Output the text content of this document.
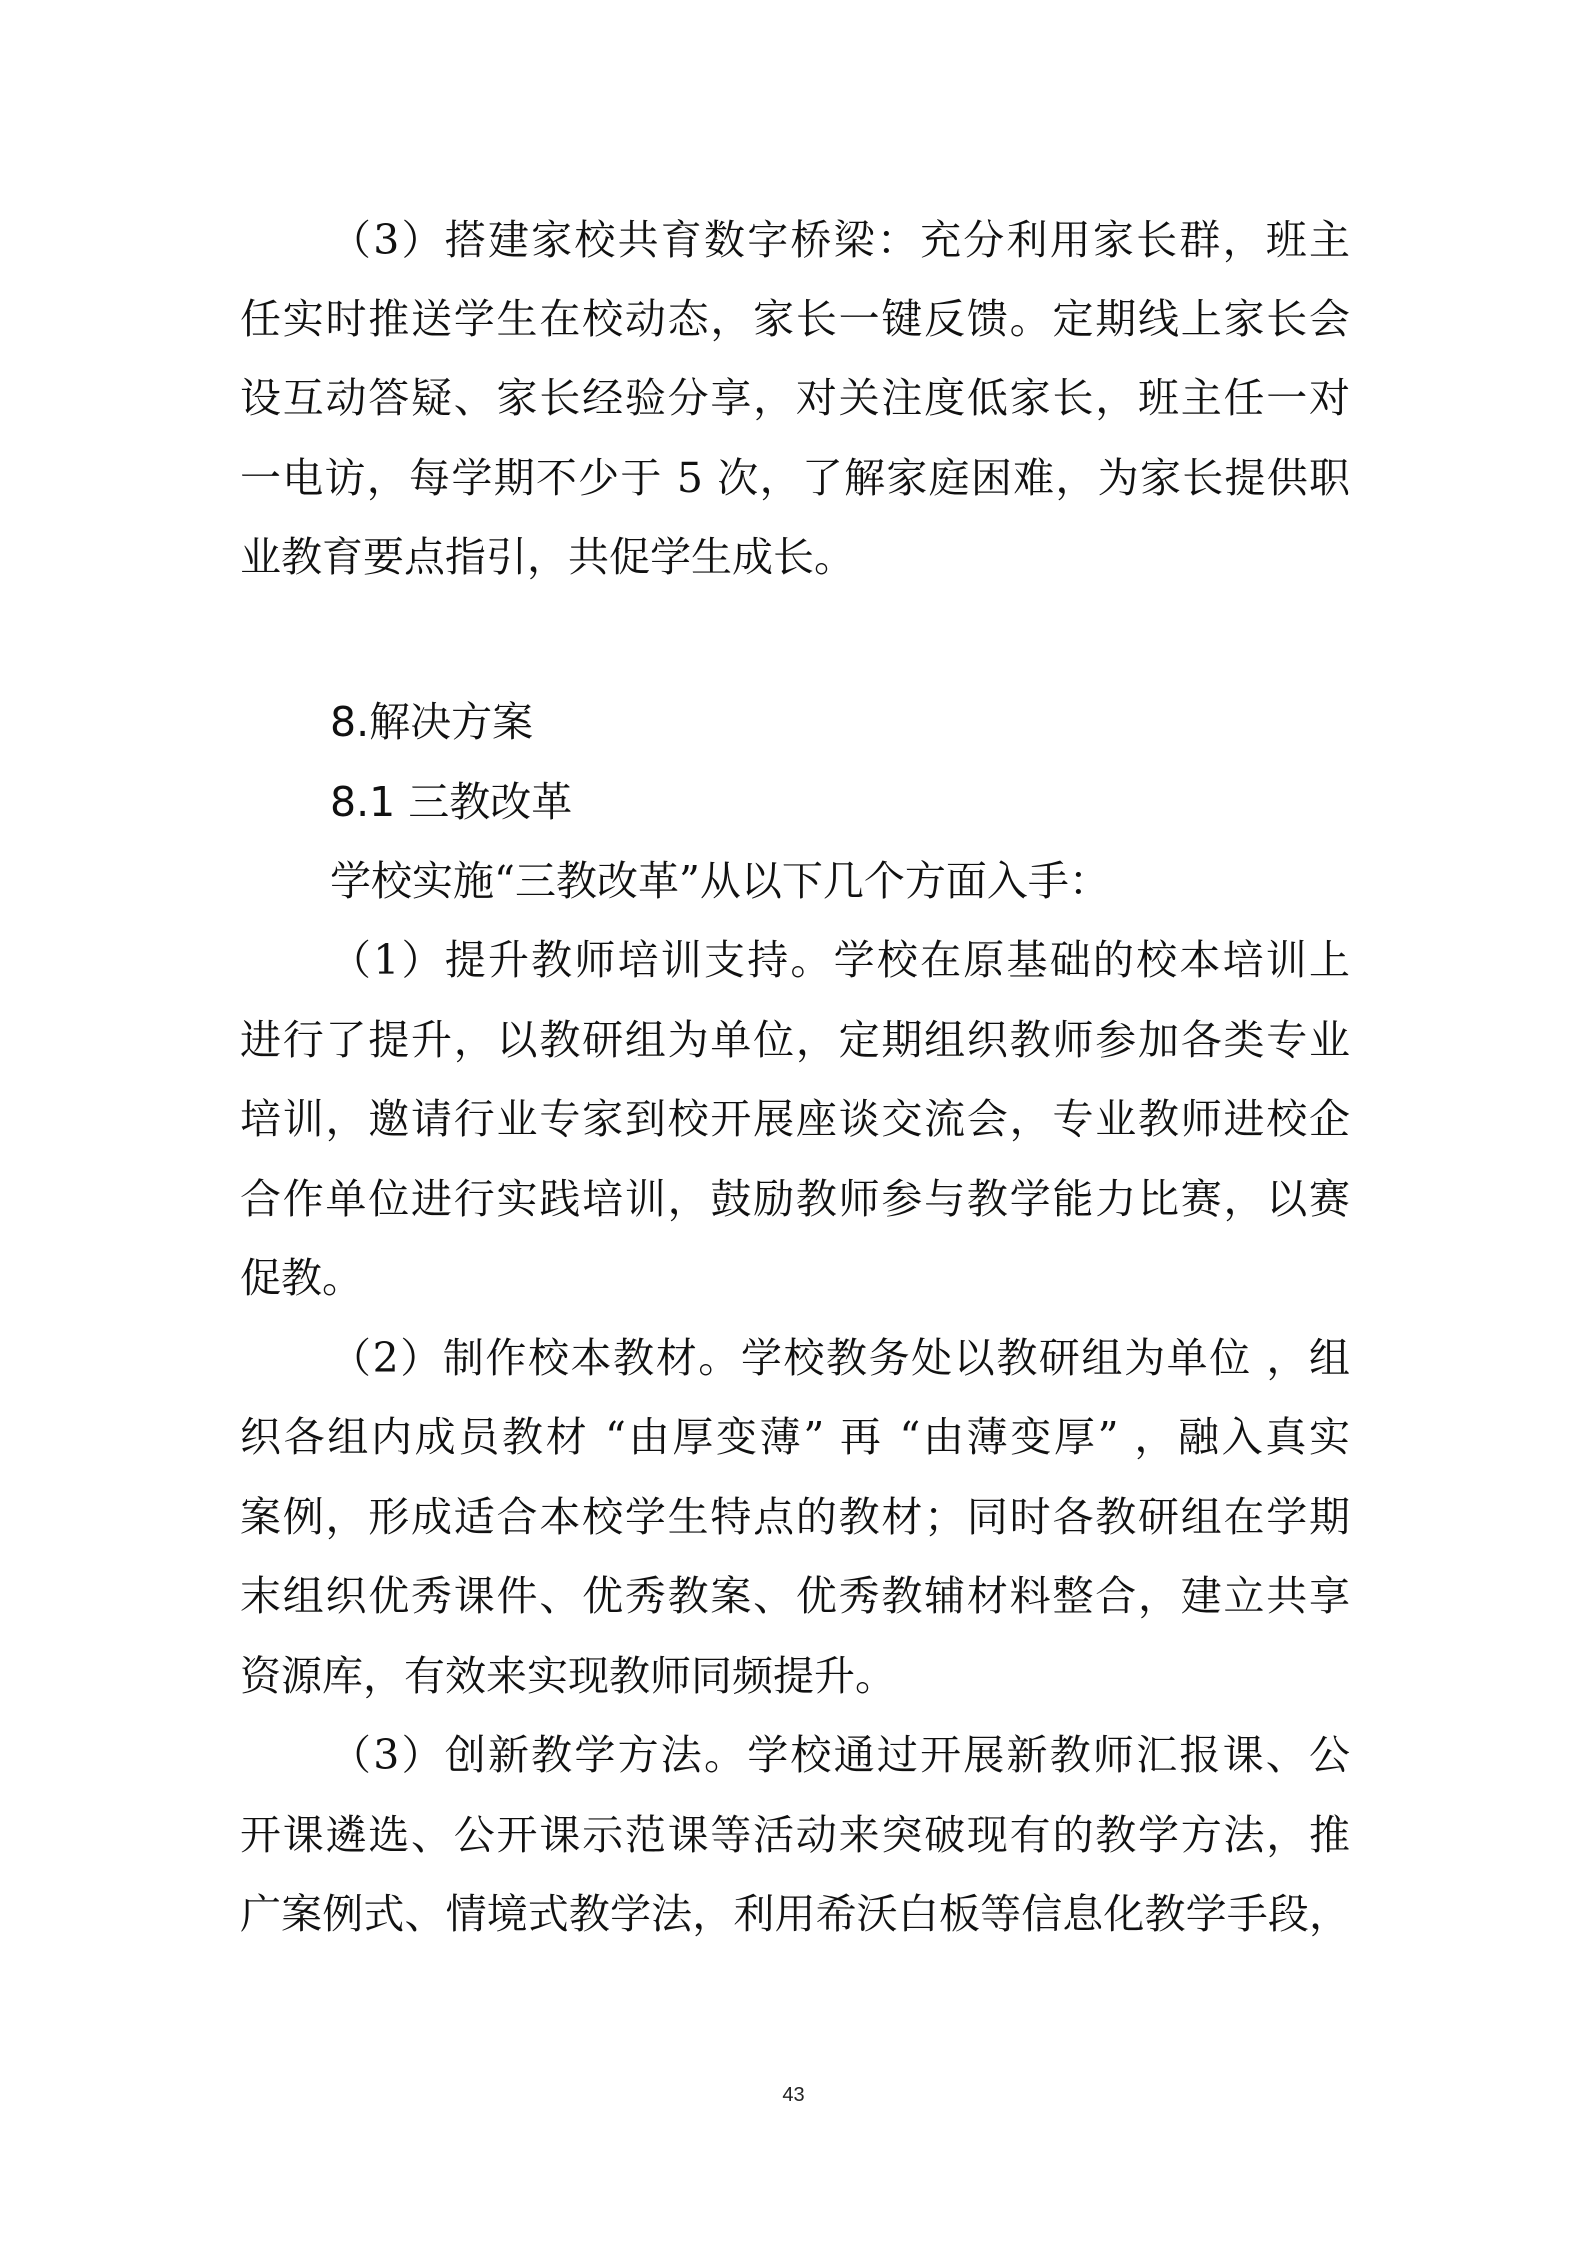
（3）搭建家校共育数字桥梁：充分利用家长群，班主
任实时推送学生在校动态，家长一键反馈。定期线上家长会
设互动答疑、家长经验分享，对关注度低家长，班主任一对
一电访，每学期不少于 5 次，了解家庭困难，为家长提供职
业教育要点指引，共促学生成长。
8.解决方案
8.1 三教改革
学校实施“三教改革”从以下几个方面入手：
（1）提升教师培训支持。学校在原基础的校本培训上
进行了提升，以教研组为单位，定期组织教师参加各类专业
培训，邀请行业专家到校开展座谈交流会，专业教师进校企
合作单位进行实践培训，鼓励教师参与教学能力比赛，以赛
促教。
（2）制作校本教材。学校教务处以教研组为单位 ，组
织各组内成员教材 “由厚变薄” 再 “由薄变厚” ，融入真实
案例，形成适合本校学生特点的教材；同时各教研组在学期
末组织优秀课件、优秀教案、优秀教辅材料整合，建立共享
资源库，有效来实现教师同频提升。
（3）创新教学方法。学校通过开展新教师汇报课、公
开课遴选、公开课示范课等活动来突破现有的教学方法，推
广案例式、情境式教学法，利用希沃白板等信息化教学手段，
43
